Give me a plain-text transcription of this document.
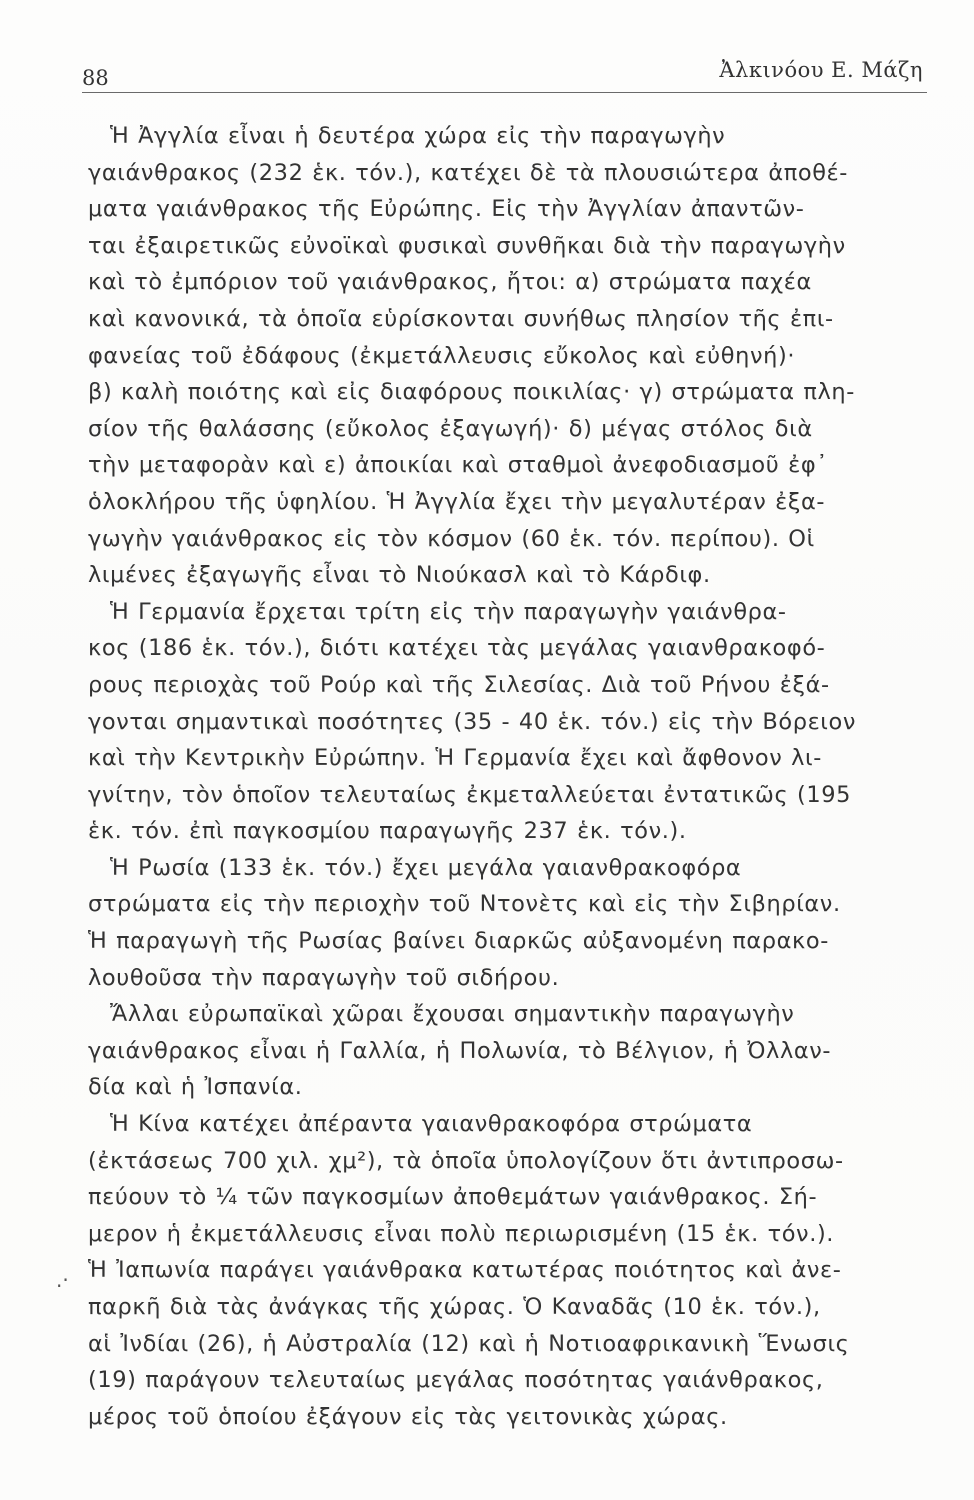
88	Ἀλκινόου Ε. Μάζη
.·
Ἡ Ἀγγλία εἶναι ἡ δευτέρα χώρα εἰς τὴν παραγωγὴν
γαιάνθρακος (232 ἑκ. τόν.), κατέχει δὲ τὰ πλουσιώτερα ἀποθέ-
ματα γαιάνθρακος τῆς Εὐρώπης. Εἰς τὴν Ἀγγλίαν ἀπαντῶν-
ται ἐξαιρετικῶς εὐνοϊκαὶ φυσικαὶ συνθῆκαι διὰ τὴν παραγωγὴν
καὶ τὸ ἐμπόριον τοῦ γαιάνθρακος, ἤτοι: α) στρώματα παχέα
καὶ κανονικά, τὰ ὁποῖα εὑρίσκονται συνήθως πλησίον τῆς ἐπι-
φανείας τοῦ ἐδάφους (ἐκμετάλλευσις εὔκολος καὶ εὐθηνή)·
β) καλὴ ποιότης καὶ εἰς διαφόρους ποικιλίας· γ) στρώματα πλη-
σίον τῆς θαλάσσης (εὔκολος ἐξαγωγή)· δ) μέγας στόλος διὰ
τὴν μεταφορὰν καὶ ε) ἀποικίαι καὶ σταθμοὶ ἀνεφοδιασμοῦ ἐφ᾽
ὁλοκλήρου τῆς ὑφηλίου. Ἡ Ἀγγλία ἔχει τὴν μεγαλυτέραν ἐξα-
γωγὴν γαιάνθρακος εἰς τὸν κόσμον (60 ἑκ. τόν. περίπου). Οἱ
λιμένες ἐξαγωγῆς εἶναι τὸ Νιούκασλ καὶ τὸ Κάρδιφ.
Ἡ Γερμανία ἔρχεται τρίτη εἰς τὴν παραγωγὴν γαιάνθρα-
κος (186 ἑκ. τόν.), διότι κατέχει τὰς μεγάλας γαιανθρακοφό-
ρους περιοχὰς τοῦ Ρούρ καὶ τῆς Σιλεσίας. Διὰ τοῦ Ρήνου ἐξά-
γονται σημαντικαὶ ποσότητες (35 - 40 ἑκ. τόν.) εἰς τὴν Βόρειον
καὶ τὴν Κεντρικὴν Εὐρώπην. Ἡ Γερμανία ἔχει καὶ ἄφθονον λι-
γνίτην, τὸν ὁποῖον τελευταίως ἐκμεταλλεύεται ἐντατικῶς (195
ἑκ. τόν. ἐπὶ παγκοσμίου παραγωγῆς 237 ἑκ. τόν.).
Ἡ Ρωσία (133 ἑκ. τόν.) ἔχει μεγάλα γαιανθρακοφόρα
στρώματα εἰς τὴν περιοχὴν τοῦ Ντονὲτς καὶ εἰς τὴν Σιβηρίαν.
Ἡ παραγωγὴ τῆς Ρωσίας βαίνει διαρκῶς αὐξανομένη παρακο-
λουθοῦσα τὴν παραγωγὴν τοῦ σιδήρου.
Ἄλλαι εὐρωπαϊκαὶ χῶραι ἔχουσαι σημαντικὴν παραγωγὴν
γαιάνθρακος εἶναι ἡ Γαλλία, ἡ Πολωνία, τὸ Βέλγιον, ἡ Ὀλλαν-
δία καὶ ἡ Ἰσπανία.
Ἡ Κίνα κατέχει ἀπέραντα γαιανθρακοφόρα στρώματα
(ἐκτάσεως 700 χιλ. χμ²), τὰ ὁποῖα ὑπολογίζουν ὅτι ἀντιπροσω-
πεύουν τὸ ¼ τῶν παγκοσμίων ἀποθεμάτων γαιάνθρακος. Σή-
μερον ἡ ἐκμετάλλευσις εἶναι πολὺ περιωρισμένη (15 ἑκ. τόν.).
Ἡ Ἰαπωνία παράγει γαιάνθρακα κατωτέρας ποιότητος καὶ ἀνε-
παρκῆ διὰ τὰς ἀνάγκας τῆς χώρας. Ὁ Καναδᾶς (10 ἑκ. τόν.),
αἱ Ἰνδίαι (26), ἡ Αὐστραλία (12) καὶ ἡ Νοτιοαφρικανικὴ Ἕνωσις
(19) παράγουν τελευταίως μεγάλας ποσότητας γαιάνθρακος,
μέρος τοῦ ὁποίου ἐξάγουν εἰς τὰς γειτονικὰς χώρας.
